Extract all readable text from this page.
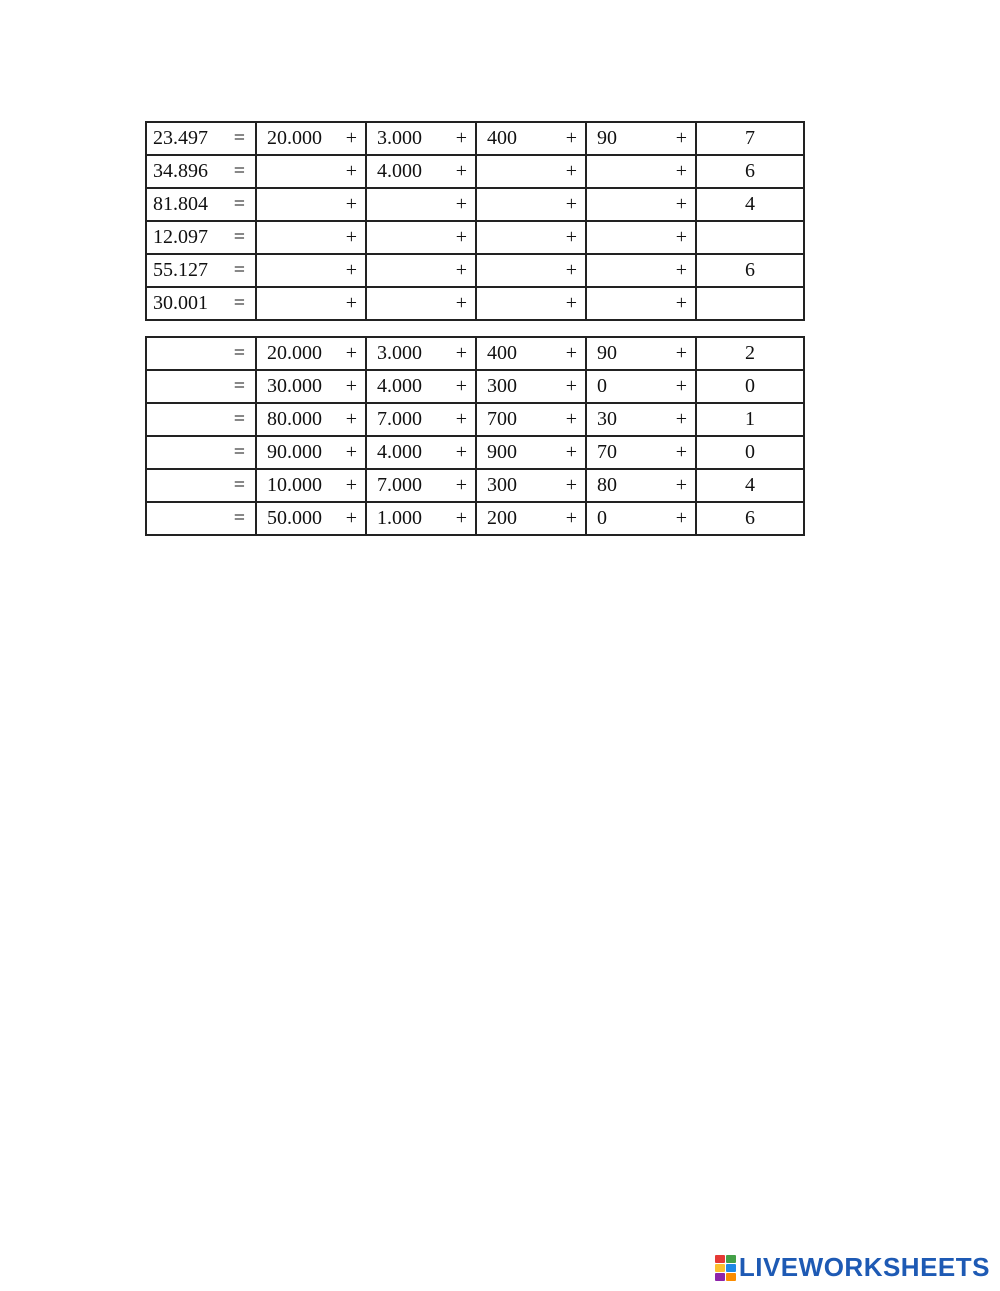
23.497 =	20.000 +	3.000 +	400 +	90 +	7

34.896 =	+	4.000 +	+	+	6

81.804 =	+	+	+	+	4

12.097 =	+	+	+	+	

55.127 =	+	+	+	+	6

30.001 =	+	+	+	+	

=	20.000 +	3.000 +	400 +	90 +	2

=	30.000 +	4.000 +	300 +	0 +	0

=	80.000 +	7.000 +	700 +	30 +	1

=	90.000 +	4.000 +	900 +	70 +	0

=	10.000 +	7.000 +	300 +	80 +	4

=	50.000 +	1.000 +	200 +	0 +	6
LIVEWORKSHEETS
